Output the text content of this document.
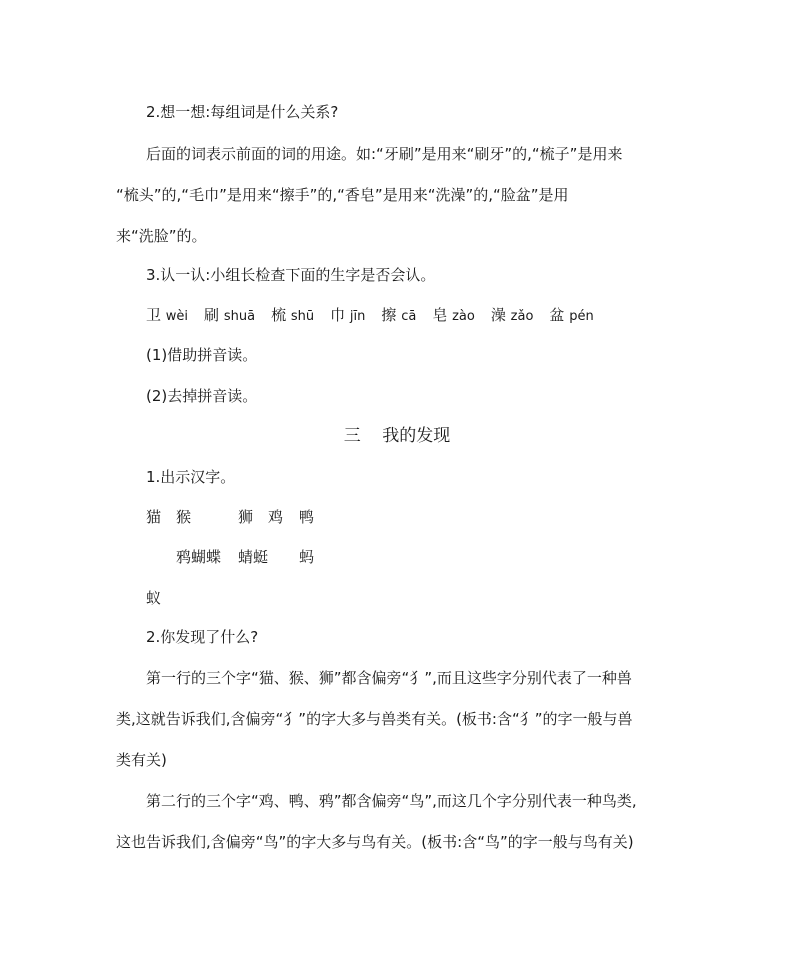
2.想一想:每组词是什么关系?
后面的词表示前面的词的用途。如:“牙刷”是用来“刷牙”的,“梳子”是用来
“梳头”的,“毛巾”是用来“擦手”的,“香皂”是用来“洗澡”的,“脸盆”是用
来“洗脸”的。
3.认一认:小组长检查下面的生字是否会认。
卫 wèi 刷 shuā 梳 shū 巾 jīn 擦 cā 皂 zào 澡 zǎo 盆 pén
(1)借助拼音读。
(2)去掉拼音读。
三    我的发现
1.出示汉字。
猫 猴	狮 鸡 鸭
鸦蝴蝶 蜻蜓 蚂
蚁
2.你发现了什么?
第一行的三个字“猫、猴、狮”都含偏旁“犭”,而且这些字分别代表了一种兽
类,这就告诉我们,含偏旁“犭”的字大多与兽类有关。(板书:含“犭”的字一般与兽
类有关)
第二行的三个字“鸡、鸭、鸦”都含偏旁“鸟”,而这几个字分别代表一种鸟类,
这也告诉我们,含偏旁“鸟”的字大多与鸟有关。(板书:含“鸟”的字一般与鸟有关)
